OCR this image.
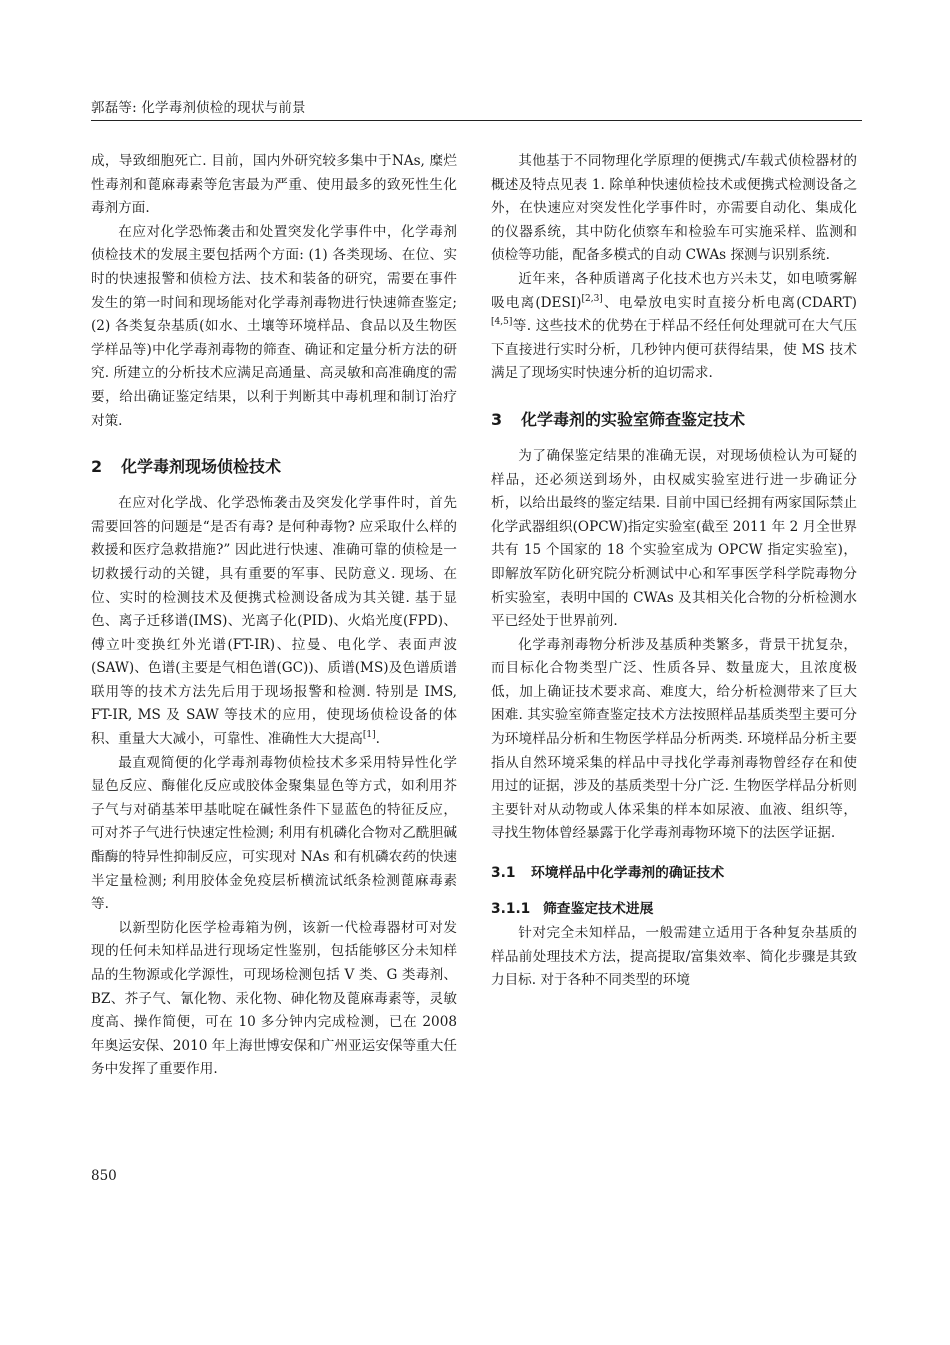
郭磊等: 化学毒剂侦检的现状与前景

成，导致细胞死亡. 目前，国内外研究较多集中于NAs, 糜烂性毒剂和蓖麻毒素等危害最为严重、使用最多的致死性生化毒剂方面.

在应对化学恐怖袭击和处置突发化学事件中，化学毒剂侦检技术的发展主要包括两个方面: (1) 各类现场、在位、实时的快速报警和侦检方法、技术和装备的研究，需要在事件发生的第一时间和现场能对化学毒剂毒物进行快速筛查鉴定; (2) 各类复杂基质(如水、土壤等环境样品、食品以及生物医学样品等)中化学毒剂毒物的筛查、确证和定量分析方法的研究. 所建立的分析技术应满足高通量、高灵敏和高准确度的需要，给出确证鉴定结果，以利于判断其中毒机理和制订治疗对策.

2 化学毒剂现场侦检技术

在应对化学战、化学恐怖袭击及突发化学事件时，首先需要回答的问题是“是否有毒? 是何种毒物? 应采取什么样的救援和医疗急救措施?” 因此进行快速、准确可靠的侦检是一切救援行动的关键，具有重要的军事、民防意义. 现场、在位、实时的检测技术及便携式检测设备成为其关键. 基于显色、离子迁移谱(IMS)、光离子化(PID)、火焰光度(FPD)、傅立叶变换红外光谱(FT-IR)、拉曼、电化学、表面声波(SAW)、色谱(主要是气相色谱(GC))、质谱(MS)及色谱质谱联用等的技术方法先后用于现场报警和检测. 特别是 IMS, FT-IR, MS 及 SAW 等技术的应用，使现场侦检设备的体积、重量大大减小，可靠性、准确性大大提高[1].

最直观简便的化学毒剂毒物侦检技术多采用特异性化学显色反应、酶催化反应或胶体金聚集显色等方式，如利用芥子气与对硝基苯甲基吡啶在碱性条件下显蓝色的特征反应，可对芥子气进行快速定性检测; 利用有机磷化合物对乙酰胆碱酯酶的特异性抑制反应，可实现对 NAs 和有机磷农药的快速半定量检测; 利用胶体金免疫层析横流试纸条检测蓖麻毒素等.

以新型防化医学检毒箱为例，该新一代检毒器材可对发现的任何未知样品进行现场定性鉴别，包括能够区分未知样品的生物源或化学源性，可现场检测包括 V 类、G 类毒剂、BZ、芥子气、氰化物、汞化物、砷化物及蓖麻毒素等，灵敏度高、操作简便，可在 10 多分钟内完成检测，已在 2008 年奥运安保、2010 年上海世博安保和广州亚运安保等重大任务中发挥了重要作用.

其他基于不同物理化学原理的便携式/车载式侦检器材的概述及特点见表 1. 除单种快速侦检技术或便携式检测设备之外，在快速应对突发性化学事件时，亦需要自动化、集成化的仪器系统，其中防化侦察车和检验车可实施采样、监测和侦检等功能，配备多模式的自动 CWAs 探测与识别系统.

近年来，各种质谱离子化技术也方兴未艾，如电喷雾解吸电离(DESI)[2,3]、电晕放电实时直接分析电离(CDART)[4,5]等. 这些技术的优势在于样品不经任何处理就可在大气压下直接进行实时分析，几秒钟内便可获得结果，使 MS 技术满足了现场实时快速分析的迫切需求.

3 化学毒剂的实验室筛查鉴定技术

为了确保鉴定结果的准确无误，对现场侦检认为可疑的样品，还必须送到场外，由权威实验室进行进一步确证分析，以给出最终的鉴定结果. 目前中国已经拥有两家国际禁止化学武器组织(OPCW)指定实验室(截至 2011 年 2 月全世界共有 15 个国家的 18 个实验室成为 OPCW 指定实验室)，即解放军防化研究院分析测试中心和军事医学科学院毒物分析实验室，表明中国的 CWAs 及其相关化合物的分析检测水平已经处于世界前列.

化学毒剂毒物分析涉及基质种类繁多，背景干扰复杂，而目标化合物类型广泛、性质各异、数量庞大，且浓度极低，加上确证技术要求高、难度大，给分析检测带来了巨大困难. 其实验室筛查鉴定技术方法按照样品基质类型主要可分为环境样品分析和生物医学样品分析两类. 环境样品分析主要指从自然环境采集的样品中寻找化学毒剂毒物曾经存在和使用过的证据，涉及的基质类型十分广泛. 生物医学样品分析则主要针对从动物或人体采集的样本如尿液、血液、组织等，寻找生物体曾经暴露于化学毒剂毒物环境下的法医学证据.

3.1 环境样品中化学毒剂的确证技术
3.1.1 筛查鉴定技术进展

针对完全未知样品，一般需建立适用于各种复杂基质的样品前处理技术方法，提高提取/富集效率、简化步骤是其致力目标. 对于各种不同类型的环境

850
